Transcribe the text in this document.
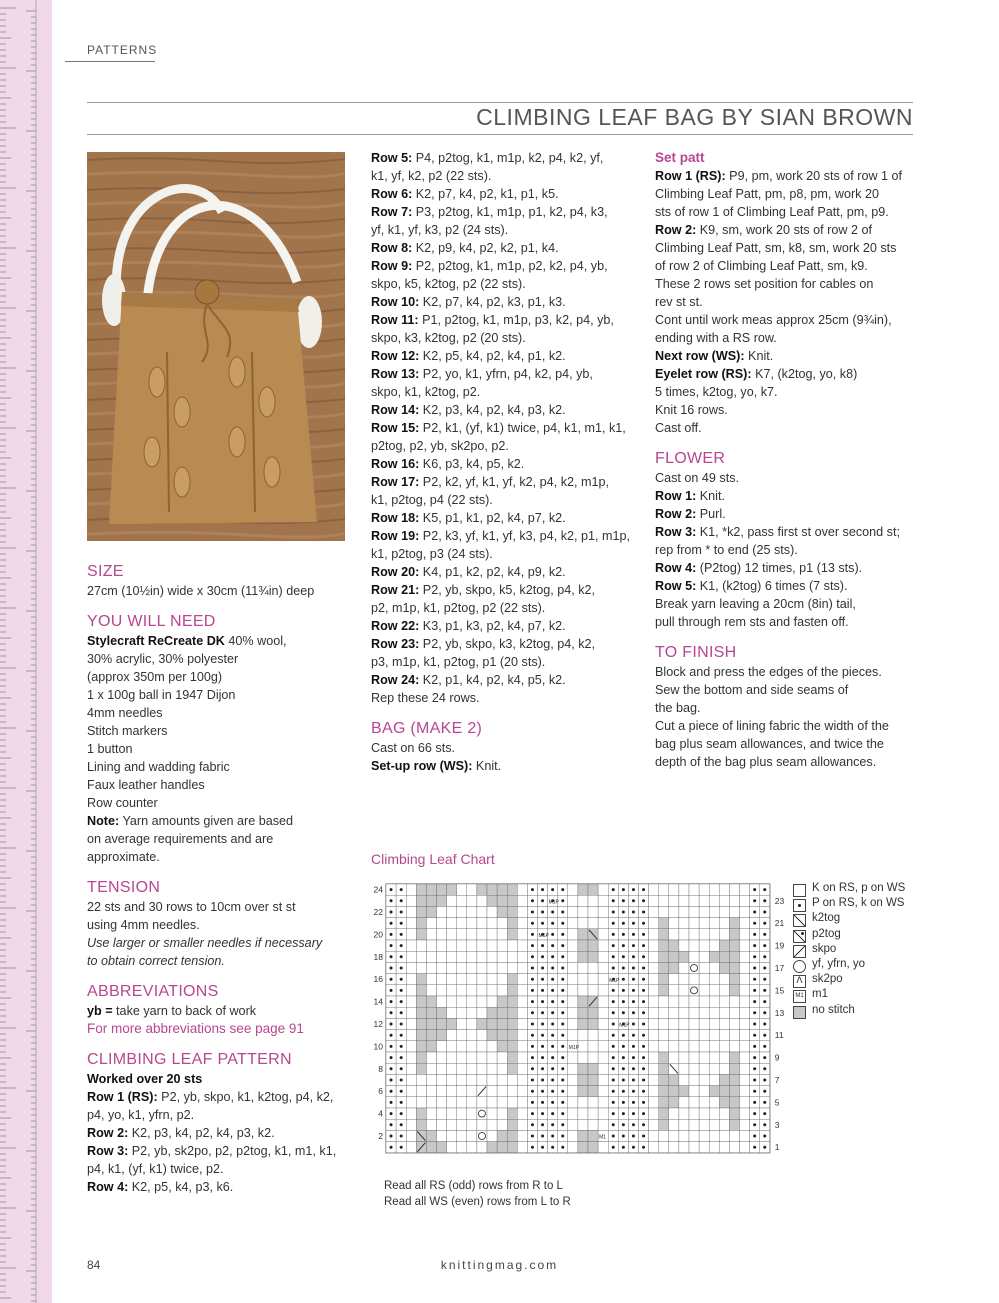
PATTERNS
CLIMBING LEAF BAG BY SIAN BROWN

SIZE

27cm (10½in) wide x 30cm (11¾in) deep

YOU WILL NEED

Stylecraft ReCreate DK 40% wool,

30% acrylic, 30% polyester

(approx 350m per 100g)

1 x 100g ball in 1947 Dijon

4mm needles

Stitch markers

1 button

Lining and wadding fabric

Faux leather handles

Row counter

Note: Yarn amounts given are based

on average requirements and are

approximate.

TENSION

22 sts and 30 rows to 10cm over st st

using 4mm needles.

Use larger or smaller needles if necessary

to obtain correct tension.

ABBREVIATIONS

yb = take yarn to back of work

For more abbreviations see page 91

CLIMBING LEAF PATTERN

Worked over 20 sts

Row 1 (RS): P2, yb, skpo, k1, k2tog, p4, k2,

p4, yo, k1, yfrn, p2.

Row 2: K2, p3, k4, p2, k4, p3, k2.

Row 3: P2, yb, sk2po, p2, p2tog, k1, m1, k1,

p4, k1, (yf, k1) twice, p2.

Row 4: K2, p5, k4, p3, k6.

Row 5: P4, p2tog, k1, m1p, k2, p4, k2, yf,

k1, yf, k2, p2 (22 sts).

Row 6: K2, p7, k4, p2, k1, p1, k5.

Row 7: P3, p2tog, k1, m1p, p1, k2, p4, k3,

yf, k1, yf, k3, p2 (24 sts).

Row 8: K2, p9, k4, p2, k2, p1, k4.

Row 9: P2, p2tog, k1, m1p, p2, k2, p4, yb,

skpo, k5, k2tog, p2 (22 sts).

Row 10: K2, p7, k4, p2, k3, p1, k3.

Row 11: P1, p2tog, k1, m1p, p3, k2, p4, yb,

skpo, k3, k2tog, p2 (20 sts).

Row 12: K2, p5, k4, p2, k4, p1, k2.

Row 13: P2, yo, k1, yfrn, p4, k2, p4, yb,

skpo, k1, k2tog, p2.

Row 14: K2, p3, k4, p2, k4, p3, k2.

Row 15: P2, k1, (yf, k1) twice, p4, k1, m1, k1,

p2tog, p2, yb, sk2po, p2.

Row 16: K6, p3, k4, p5, k2.

Row 17: P2, k2, yf, k1, yf, k2, p4, k2, m1p,

k1, p2tog, p4 (22 sts).

Row 18: K5, p1, k1, p2, k4, p7, k2.

Row 19: P2, k3, yf, k1, yf, k3, p4, k2, p1, m1p,

k1, p2tog, p3 (24 sts).

Row 20: K4, p1, k2, p2, k4, p9, k2.

Row 21: P2, yb, skpo, k5, k2tog, p4, k2,

p2, m1p, k1, p2tog, p2 (22 sts).

Row 22: K3, p1, k3, p2, k4, p7, k2.

Row 23: P2, yb, skpo, k3, k2tog, p4, k2,

p3, m1p, k1, p2tog, p1 (20 sts).

Row 24: K2, p1, k4, p2, k4, p5, k2.

Rep these 24 rows.

BAG (MAKE 2)

Cast on 66 sts.

Set-up row (WS): Knit.

Set patt

Row 1 (RS): P9, pm, work 20 sts of row 1 of

Climbing Leaf Patt, pm, p8, pm, work 20

sts of row 1 of Climbing Leaf Patt, pm, p9.

Row 2: K9, sm, work 20 sts of row 2 of

Climbing Leaf Patt, sm, k8, sm, work 20 sts

of row 2 of Climbing Leaf Patt, sm, k9.

These 2 rows set position for cables on

rev st st.

Cont until work meas approx 25cm (9¾in),

ending with a RS row.

Next row (WS): Knit.

Eyelet row (RS): K7, (k2tog, yo, k8)

5 times, k2tog, yo, k7.

Knit 16 rows.

Cast off.

FLOWER

Cast on 49 sts.

Row 1: Knit.

Row 2: Purl.

Row 3: K1, *k2, pass first st over second st;

rep from * to end (25 sts).

Row 4: (P2tog) 12 times, p1 (13 sts).

Row 5: K1, (k2tog) 6 times (7 sts).

Break yarn leaving a 20cm (8in) tail,

pull through rem sts and fasten off.

TO FINISH

Block and press the edges of the pieces.

Sew the bottom and side seams of

the bag.

Cut a piece of lining fabric the width of the

bag plus seam allowances, and twice the

depth of the bag plus seam allowances.

Climbing Leaf Chart
M1
M1P
M1P
M1P
M1P
M1P
1
2
3
4
5
6
7
8
9
10
11
12
13
14
15
16
17
18
19
20
21
22
23
24	K on RS, p on WS
P on RS, k on WS
k2tog
p2tog
skpo
yf, yfrn, yo
Λ sk2po
M1 m1
no stitch
Read all RS (odd) rows from R to L
Read all WS (even) rows from L to R
84	knittingmag.com
